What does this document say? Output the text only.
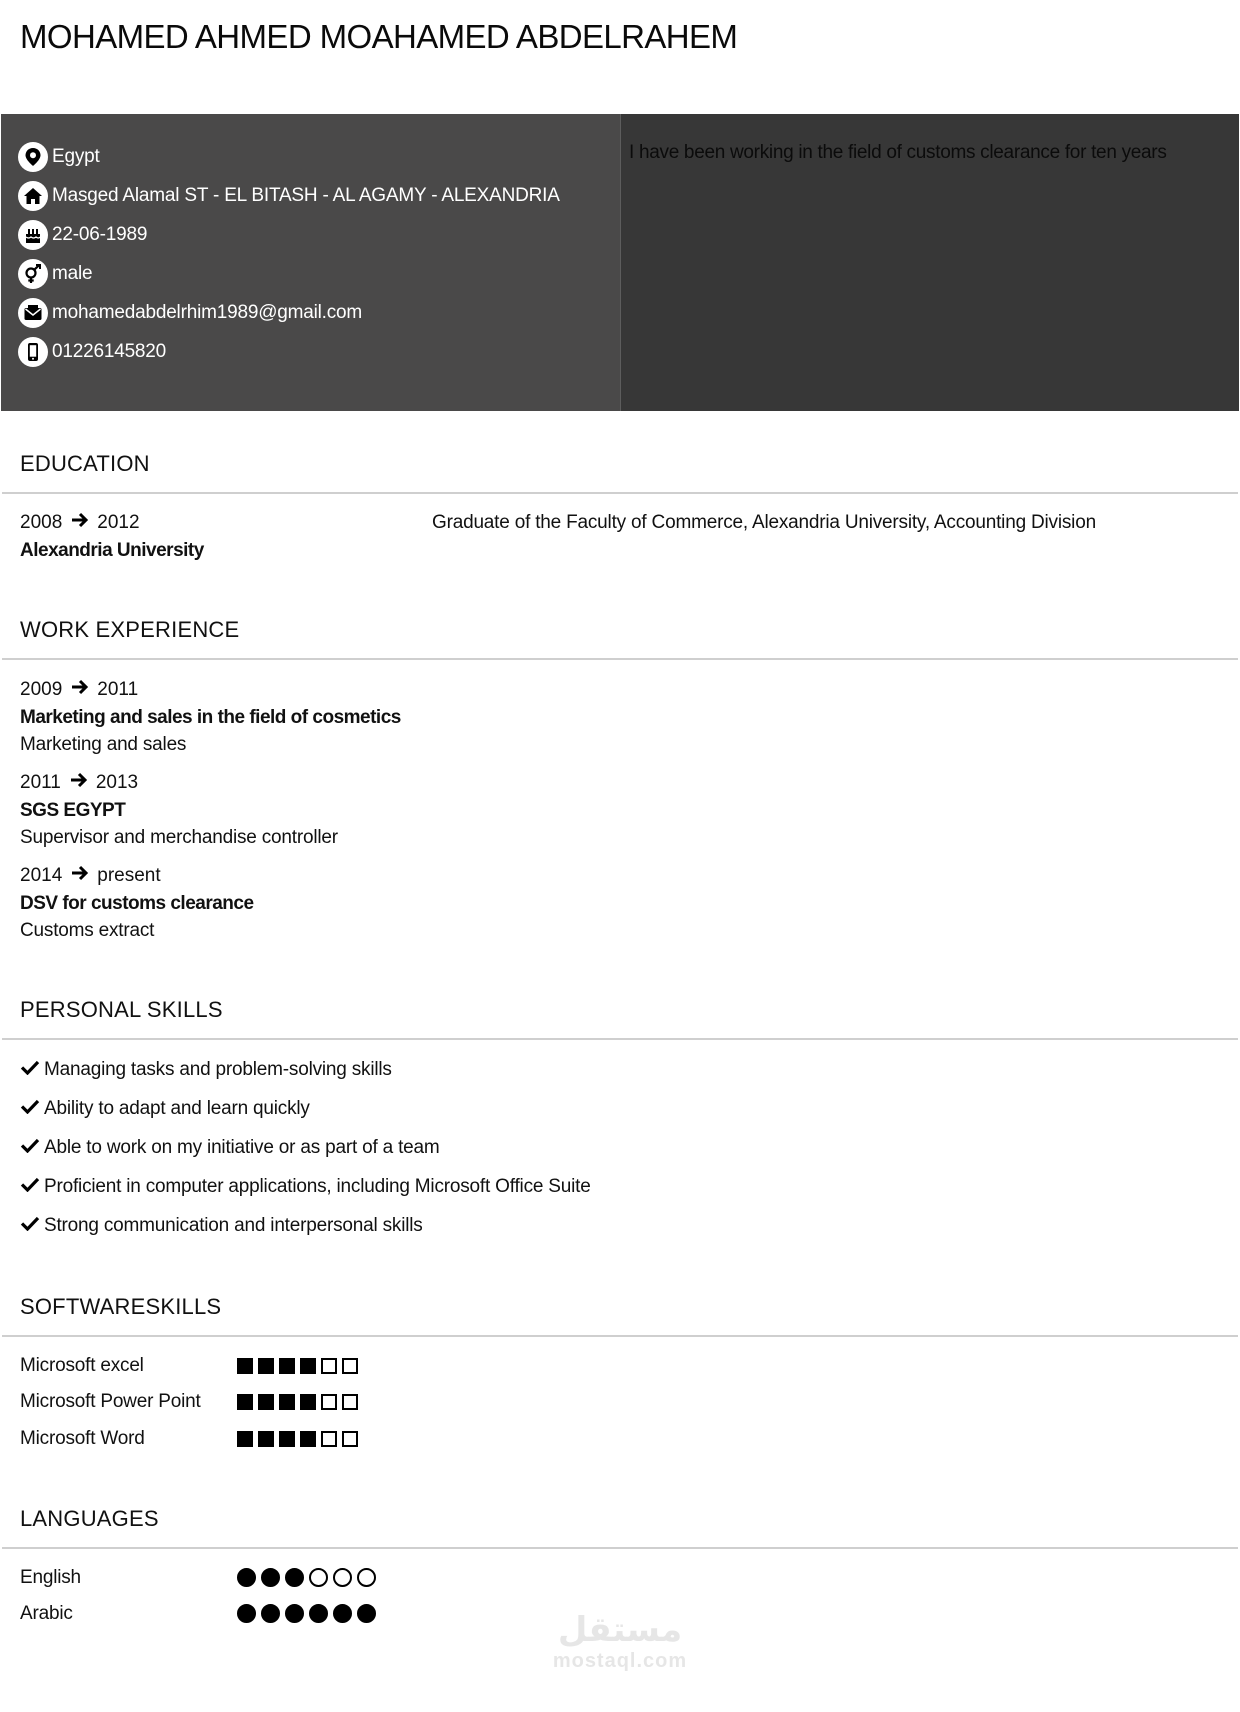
MOHAMED AHMED MOAHAMED ABDELRAHEM
Egypt
Masged Alamal ST - EL BITASH - AL AGAMY - ALEXANDRIA
22-06-1989
male
mohamedabdelrhim1989@gmail.com
01226145820
I have been working in the field of customs clearance for ten years
EDUCATION
2008 2012
Alexandria University
Graduate of the Faculty of Commerce, Alexandria University, Accounting Division
WORK EXPERIENCE
2009 2011
Marketing and sales in the field of cosmetics
Marketing and sales
2011 2013
SGS EGYPT
Supervisor and merchandise controller
2014 present
DSV for customs clearance
Customs extract
PERSONAL SKILLS
Managing tasks and problem-solving skills
Ability to adapt and learn quickly
Able to work on my initiative or as part of a team
Proficient in computer applications, including Microsoft Office Suite
Strong communication and interpersonal skills
SOFTWARESKILLS
Microsoft excel
Microsoft Power Point
Microsoft Word
LANGUAGES
English
Arabic	مستقل
mostaql.com
